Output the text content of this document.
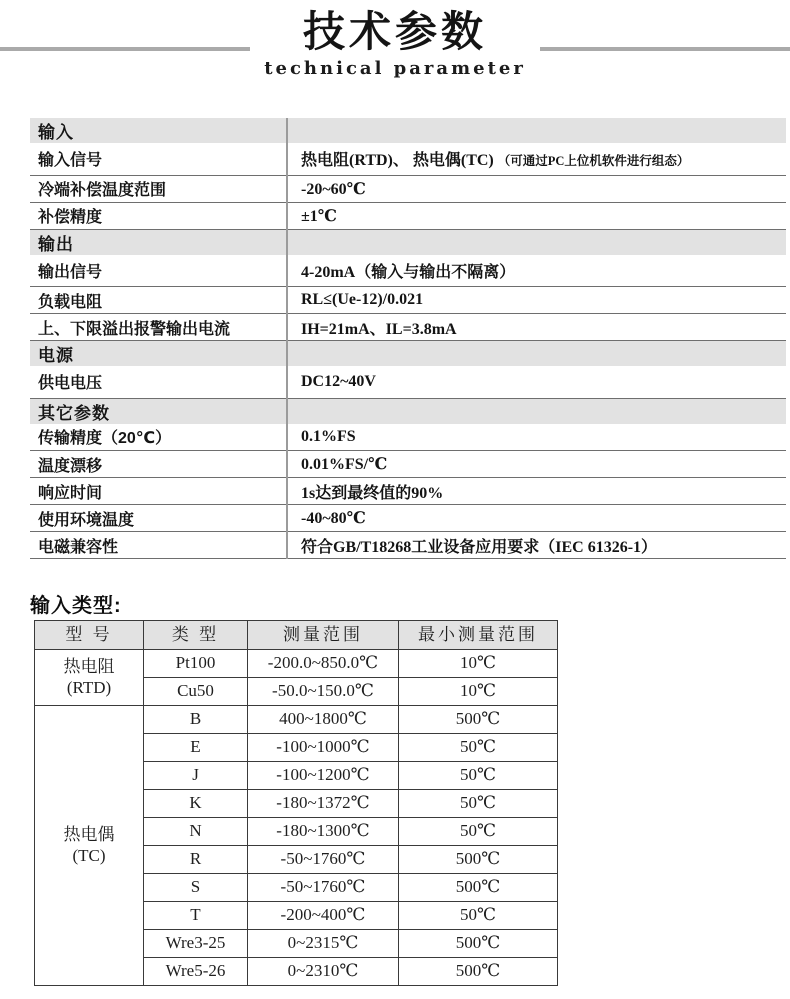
技术参数
technical parameter
输入	
输入信号	热电阻(RTD)、 热电偶(TC) （可通过PC上位机软件进行组态）
冷端补偿温度范围	-20~60℃
补偿精度	±1℃
输出	
输出信号	4-20mA（输入与输出不隔离）
负载电阻	RL≤(Ue-12)/0.021
上、下限溢出报警输出电流	IH=21mA、IL=3.8mA
电源	
供电电压	DC12~40V
其它参数	
传输精度（20℃）	0.1%FS
温度漂移	0.01%FS/℃
响应时间	1s达到最终值的90%
使用环境温度	-40~80℃
电磁兼容性	符合GB/T18268工业设备应用要求（IEC 61326-1）
输入类型:
型 号	类 型	测量范围	最小测量范围

热电阻
(RTD)	Pt100	-200.0~850.0℃	10℃
	Cu50	-50.0~150.0℃	10℃

热电偶
(TC)	B	400~1800℃	500℃
	E	-100~1000℃	50℃
	J	-100~1200℃	50℃
	K	-180~1372℃	50℃
	N	-180~1300℃	50℃
	R	-50~1760℃	500℃
	S	-50~1760℃	500℃
	T	-200~400℃	50℃
	Wre3-25	0~2315℃	500℃
	Wre5-26	0~2310℃	500℃
